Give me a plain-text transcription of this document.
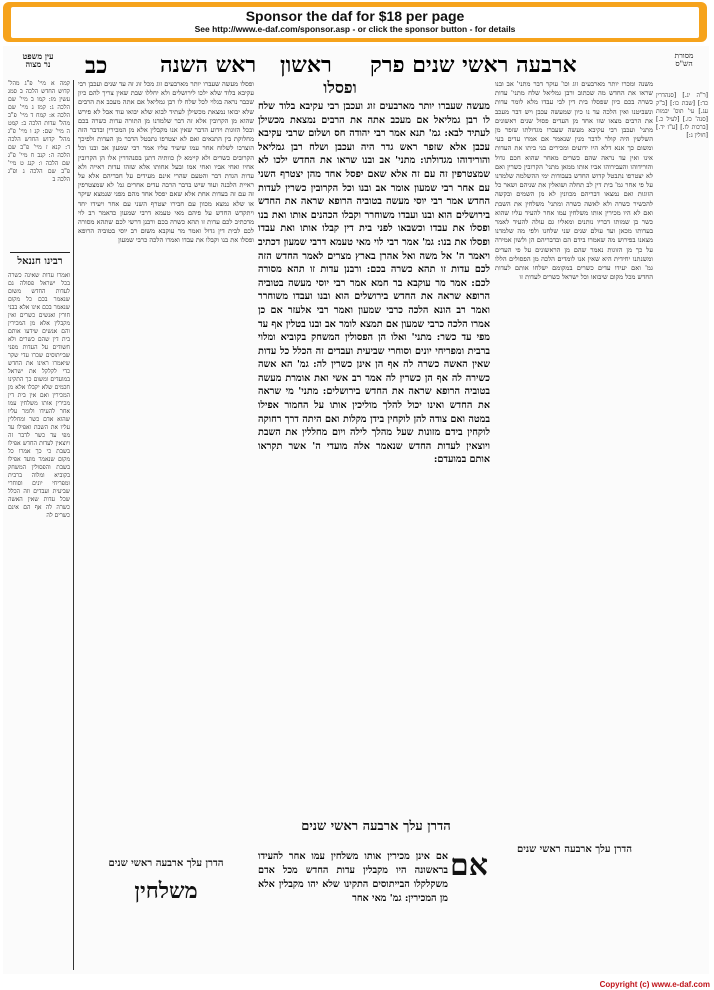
Sponsor the daf for $18 per page
See http://www.e-daf.com/sponsor.asp - or click the sponsor button - for details
כב ראש השנה ראשון ארבעה ראשי שנים פרק
עין משפט
נר מצוה
מסורת
הש"ס
קמה א מיי' פ"ג מהל' קדוש החדש הלכה ב סמג עשין מז: קמו ב מיי' שם הלכה ג: קמז ג מיי' שם הלכה א: קמח ד מיי' פ"ב מהל' עדות הלכה ב: קמט ה מיי' שם: קנ ו מיי' פ"ג מהל' קדוש החדש הלכה ד: קנא ז מיי' פ"ב שם הלכה ה: קנב ח מיי' פ"ג שם הלכה ו: קנג ט מיי' פ"ב שם הלכה ג ופ"ג הלכה ב
רבינו חננאל
ואמרו עדות שאינה כשרה בכל ישראל פסולה גם לעדות החדש משום שנאמר בכם כל מקום שנאמר בכם אינו אלא בבני חורין ואנשים כשרים ואין מקבלין אלא מן המכירין והם אנשים שידעו אותם בית דין שהם כשרים ולא חשודים על העדות מפני שבייתוסים שכרו עדי שקר שיאמרו ראינו את החדש כדי לקלקל את ישראל במועדים ומשום כך התקינו חכמים שלא יקבלו אלא מן המכירין ואם אין בית דין מכירין אותו משלחין עמו אחר להעידו ולומר עליו שהוא אדם כשר ומחללין עליו את השבת ואפילו עד מפי עד כשר לדבר זה ויוצאין לעדות החדש אפילו בשבת כי כך אמרו כל מקום שנאמר מועד אפילו בשבת והפסולין המשחק בקוביא ומלוה ברבית ומפריחי יונים וסוחרי שביעית ועבדים וזה הכלל שכל עדות שאין האשה כשרה לה אף הם אינם כשרים לה
ופסלו מעשה שעברו יותר מארבעים זוג מכל זוג זה עד שנים ועכבן רבי עקיבא בלוד שלא ילכו לירושלים ולא יחללו שבת שאין צריך להם כיון שכבר נראה בגלוי לכל שלח לו רבן גמליאל אם אתה מעכב את הרבים שלא יבואו נמצאת מכשילן לעתיד לבוא שלא יבואו עוד אבל לא פירש שהוא מן הקרובין אלא זה דבר שלמדנו מן התורה עדות כשרה בכם ובכל הזוגות וידוע הדבר שאין אנו מקבלין אלא מן המכירין ובדבר הזה מחלוקת בין התנאים ואם לא יצטרפו נתבטל הדבר מן העדות ולפיכך הוצרכו לשלוח אחר עמו שיעיד עליו אמר רבי שמעון אב ובנו וכל הקרובים כשרים ולא קיימא לן כוותיה דתנן בסנהדרין אלו הן הקרובין אחיו ואחי אביו ואחי אמו ובעל אחותו אלא שזהו עדות ראייה ולא עדות הגדת דבר והטעם שהרי אינם מעידים על חבריהם אלא על ראיית הלבנה ועוד שיש בדבר הרבה עדים אחרים גמ' לא שמצטרפין זה עם זה בעדות אחת אלא שאם יפסל אחד מהם מפני שנמצא שיקר או שלא נמצא מכוון עם חבירו יצטרף השני עם אחר ויעידו יחד ויתקדש החדש על פיהם מאי טעמא דרבי שמעון כדאמר רב לוי מדכתיב לכם עדות זו תהא כשרה בכם ורבנן דרשי לכם שתהא מסורה לכם לבית דין גדול ואמר מר עוקבא משום רב יוסי בטוביה הרופא ופסלו את בנו וקבלו את עבדו ואמרו הלכה כרבי שמעון
ופסלו
מעשה שעברו יותר מארבעים זוג ועכבן רבי עקיבא בלוד שלח לו רבן גמליאל אם מעכב אתה את הרבים נמצאת מכשילן לעתיד לבא: גמ' תנא אמר רבי יהודה חס ושלום שרבי עקיבא עכבן אלא שזפר ראש גדר היה ועכבן ושלח רבן גמליאל והורידוהו מגדולתו: מתני' אב ובנו שראו את החדש ילכו לא שמצטרפין זה עם זה אלא שאם יפסל אחד מהן יצטרף השני עם אחר רבי שמעון אומר אב ובנו וכל הקרובין כשרין לעדות החדש אמר רבי יוסי מעשה בטוביה הרופא שראה את החדש בירושלים הוא ובנו ועבדו משוחרר וקבלו הכהנים אותו ואת בנו ופסלו את עבדו וכשבאו לפני בית דין קבלו אותו ואת עבדו ופסלו את בנו: גמ' אמר רבי לוי מאי טעמא דרבי שמעון דכתיב ויאמר ה' אל משה ואל אהרן בארץ מצרים לאמר החדש הזה לכם עדות זו תהא כשרה בכם: ורבנן עדות זו תהא מסורה לכם: אמר מר עוקבא בר חמא אמר רבי יוסי מעשה בטוביה הרופא שראה את החדש בירושלים הוא ובנו ועבדו משוחרר ואמר רב הונא הלכה כרבי שמעון ואמר רבי אלעזר אם כן אמרו הלכה כרבי שמעון אם תמצא לומר אב ובנו בטלין אף עד מפי עד כשר: מתני' ואלו הן הפסולין המשחק בקוביא ומלוי ברבית ומפריחי יונים וסוחרי שביעית ועבדים זה הכלל כל עדות שאין האשה כשרה לה אף הן אינן כשרין לה: גמ' הא אשה כשירה לה אף הן כשרין לה אמר רב אשי ואת אומרת מעשה בטוביה הרופא שראה את החדש בירושלים: מתני' מי שראה את החדש ואינו יכול להלך מוליכין אותו על החמור אפילו במטה ואם צודה להן לוקחין בידן מקלות ואם היתה דרך רחוקה לוקחין בידם מזונות שעל מהלך לילה ויום מחללין את השבת ויוצאין לעדות החדש שנאמר אלה מועדי ה' אשר תקראו אותם במועדם:
משנה ומכרו יותר מארבעים זוג וכו' עוקר דבר מתני' אב ובנו שראו את החדש מה שכתוב ורבן גמליאל שלח מתני' עדות כשרה בכם כיון שפסלו בית דין לבי עבדו מלא לומר עדות ונשביטנו ואין הלכה עד נו כיון שמעשה עכבן ויש דבר מעכב את הרבים מצאו שזו אחד מן העדים פסול שנים ראשונים מתני' ועכבן רבי עקיבא מעשה שעברו מגדולתו שזפר מן השלשין היה קולר לדבר מנין שנאמר אם אמרו עדים בעי ומשום כך אנא דלא היו ידועים ומכירים בני ביתו את העדות אינו ואין עד נראה שהם כשרים מאחר שהוא חכם גדול והורידוהו והעבירוהו אביו אותו ממאן מתני' הקרובין כשרין ואם לא יצטרפו נתבטל קדוש החדש בעבודות ימי ההשלמה שלמדנו על פי אחר גמ' בית דין לב תחלה ושואלין את שניהם ושאר כל הזוגות ואם נמצאו דבריהם מכוונין לא מן השמים ובקשה להכשיר כשרה ולא לאשה כשרה ומתני' משלחין את השבת ואם לא היו מכירין אותו משלחין עמו אחר להעיד עליו שהוא כשר בן שמותו דבריו נותנים ומאליו גם עולה להעיד לאמר בעדותו מכאן ועד עולם שנים שני שלחנו ולפי מה שלמדנו מצאנו בפירוש מה שאמרו בידם הם ובדבריהם הן ולשון אמירה על כך מן הזוגות נאמר שהם מן הראשונים על פי העדים ומשנתנו יחידית היא שאין אנו לומדים הלכה מן הפסולים הללו גמ' ואם יעידו עדים כשרים במקומם ישלחו אותם לעדות החדש מכל מקום שיבואו וכל ישראל כשרים לעדות זו
[ר"ה יג.] [סנהדרין כד:] [שבת כו:] [ב"ק עג.] עי' תוס' יבמות [סנה' כז.] [לעיל כ.] [ברכות לז.] [ע"ז יד.] [חולין ג:]
הדרן עלך ארבעה ראשי שנים
הדרן עלך ארבעה ראשי שנים
הדרן עלך ארבעה ראשי שנים
משלחין
אם
אם אינן מכירין אותו משלחין עמו אחר להעידו בראשונה היו מקבלין עדות החדש מכל אדם משקלקלו הבייתוסים התקינו שלא יהו מקבלין אלא מן המכירין: גמ' מאי אחר
Copyright (c) www.e-daf.com
